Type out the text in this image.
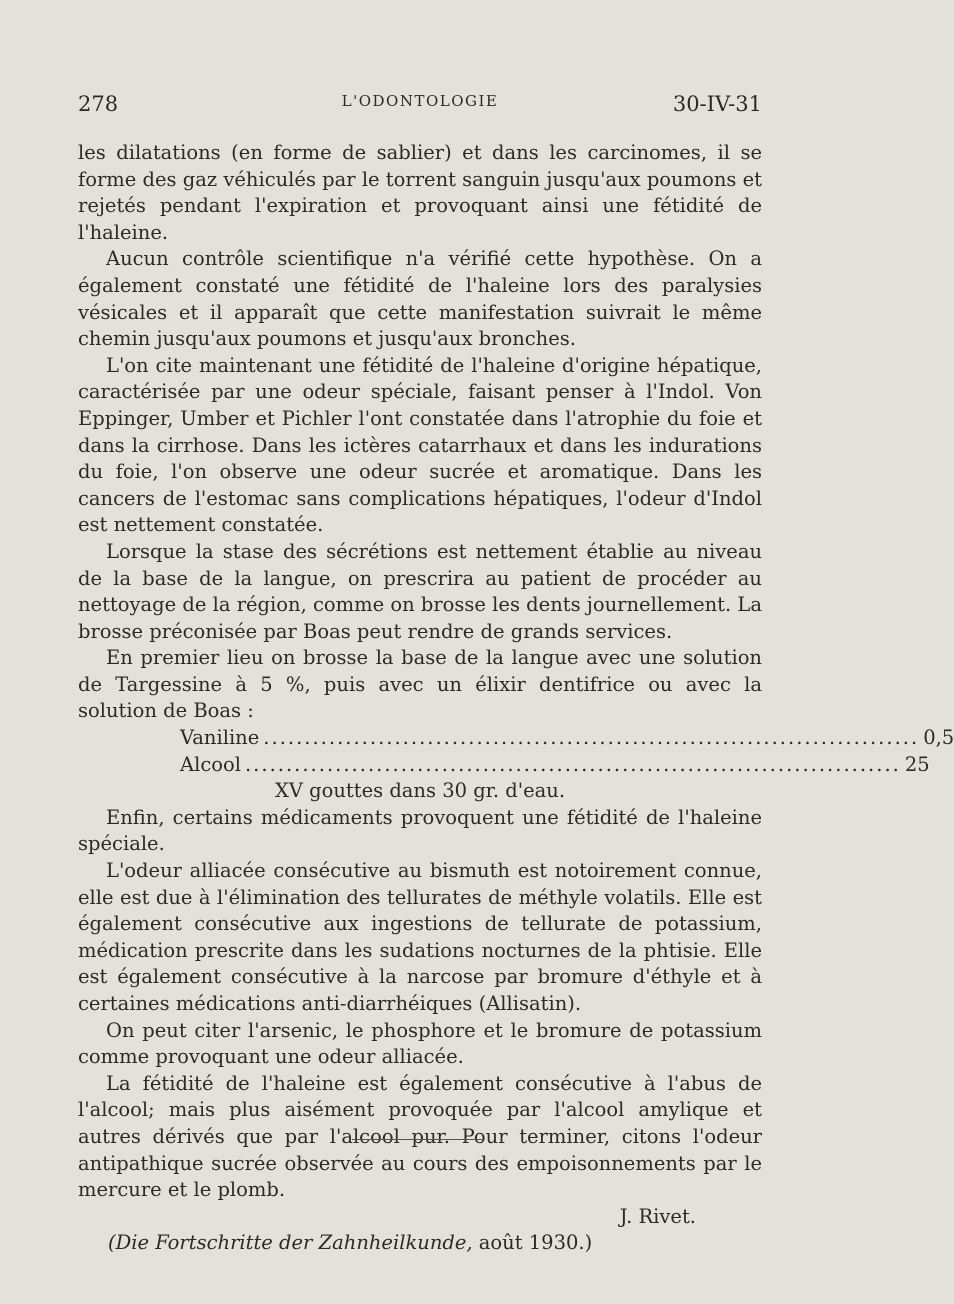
278	L'ODONTOLOGIE	30-IV-31

les dilatations (en forme de sablier) et dans les carcinomes, il se forme des gaz véhiculés par le torrent sanguin jusqu'aux poumons et rejetés pendant l'expiration et provoquant ainsi une fétidité de l'haleine.

Aucun contrôle scientifique n'a vérifié cette hypothèse. On a également constaté une fétidité de l'haleine lors des paralysies vésicales et il apparaît que cette manifestation suivrait le même chemin jusqu'aux poumons et jusqu'aux bronches.

L'on cite maintenant une fétidité de l'haleine d'origine hépatique, caractérisée par une odeur spéciale, faisant penser à l'Indol. Von Eppinger, Umber et Pichler l'ont constatée dans l'atrophie du foie et dans la cirrhose. Dans les ictères catarrhaux et dans les indurations du foie, l'on observe une odeur sucrée et aromatique. Dans les cancers de l'estomac sans complications hépatiques, l'odeur d'Indol est nettement constatée.

Lorsque la stase des sécrétions est nettement établie au niveau de la base de la langue, on prescrira au patient de procéder au nettoyage de la région, comme on brosse les dents journellement. La brosse préconisée par Boas peut rendre de grands services.

En premier lieu on brosse la base de la langue avec une solution de Targessine à 5 %, puis avec un élixir dentifrice ou avec la solution de Boas :

Vaniline ................................................................................ 0,5
Alcool ................................................................................ 25

XV gouttes dans 30 gr. d'eau.

Enfin, certains médicaments provoquent une fétidité de l'haleine spéciale.

L'odeur alliacée consécutive au bismuth est notoirement connue, elle est due à l'élimination des tellurates de méthyle volatils. Elle est également consécutive aux ingestions de tellurate de potassium, médication prescrite dans les sudations nocturnes de la phtisie. Elle est également consécutive à la narcose par bromure d'éthyle et à certaines médications anti-diarrhéiques (Allisatin).

On peut citer l'arsenic, le phosphore et le bromure de potassium comme provoquant une odeur alliacée.

La fétidité de l'haleine est également consécutive à l'abus de l'alcool; mais plus aisément provoquée par l'alcool amylique et autres dérivés que par l'alcool pur. Pour terminer, citons l'odeur antipathique sucrée observée au cours des empoisonnements par le mercure et le plomb.

J. Rivet.

(Die Fortschritte der Zahnheilkunde, août 1930.)
